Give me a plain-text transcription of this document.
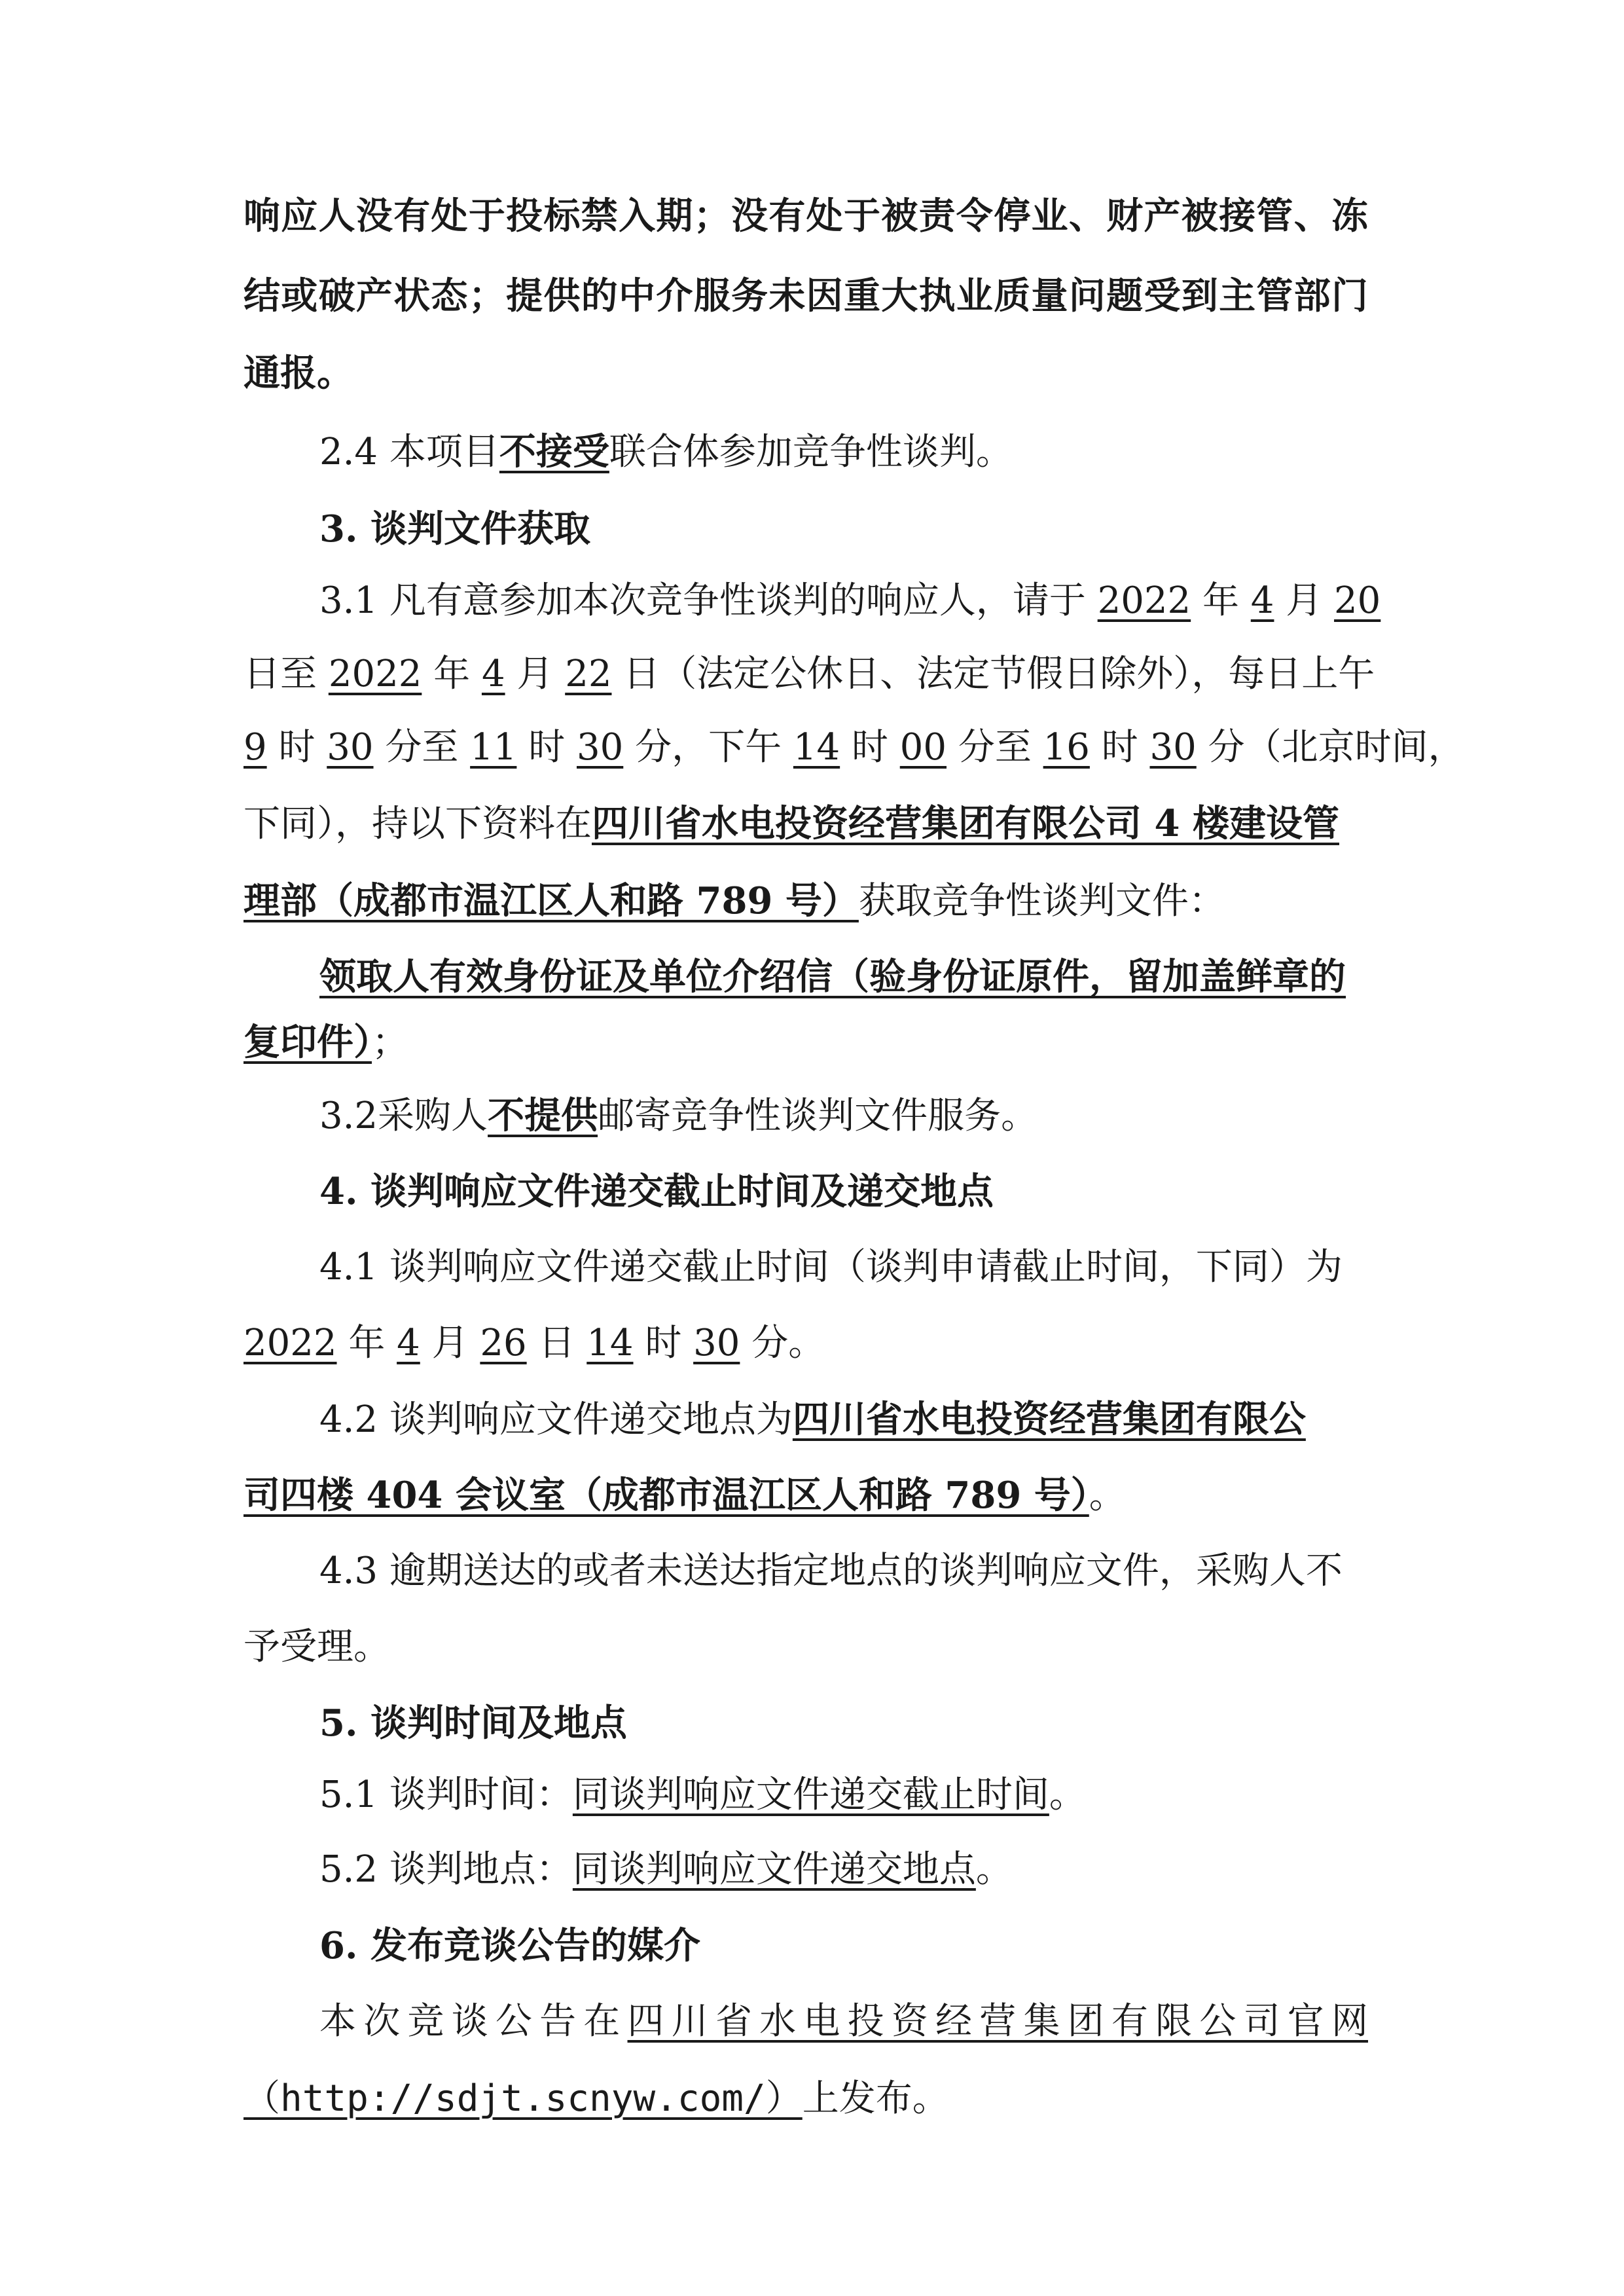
响应人没有处于投标禁入期；没有处于被责令停业、财产被接管、冻
结或破产状态；提供的中介服务未因重大执业质量问题受到主管部门
通报。
2.4 本项目不接受联合体参加竞争性谈判。
3. 谈判文件获取
3.1 凡有意参加本次竞争性谈判的响应人，请于 2022 年 4 月 20
日至 2022 年 4 月 22 日（法定公休日、法定节假日除外），每日上午
9 时 30 分至 11 时 30 分，下午 14 时 00 分至 16 时 30 分（北京时间，
下同），持以下资料在四川省水电投资经营集团有限公司 4 楼建设管
理部（成都市温江区人和路 789 号）获取竞争性谈判文件：
领取人有效身份证及单位介绍信（验身份证原件，留加盖鲜章的
复印件）；
3.2采购人不提供邮寄竞争性谈判文件服务。
4. 谈判响应文件递交截止时间及递交地点
4.1 谈判响应文件递交截止时间（谈判申请截止时间，下同）为
2022 年 4 月 26 日 14 时 30 分。
4.2 谈判响应文件递交地点为四川省水电投资经营集团有限公
司四楼 404 会议室（成都市温江区人和路 789 号）。
4.3 逾期送达的或者未送达指定地点的谈判响应文件，采购人不
予受理。
5. 谈判时间及地点
5.1 谈判时间：同谈判响应文件递交截止时间。
5.2 谈判地点：同谈判响应文件递交地点。
6. 发布竞谈公告的媒介
本次竞谈公告在四川省水电投资经营集团有限公司官网
（http://sdjt.scnyw.com/）上发布。
